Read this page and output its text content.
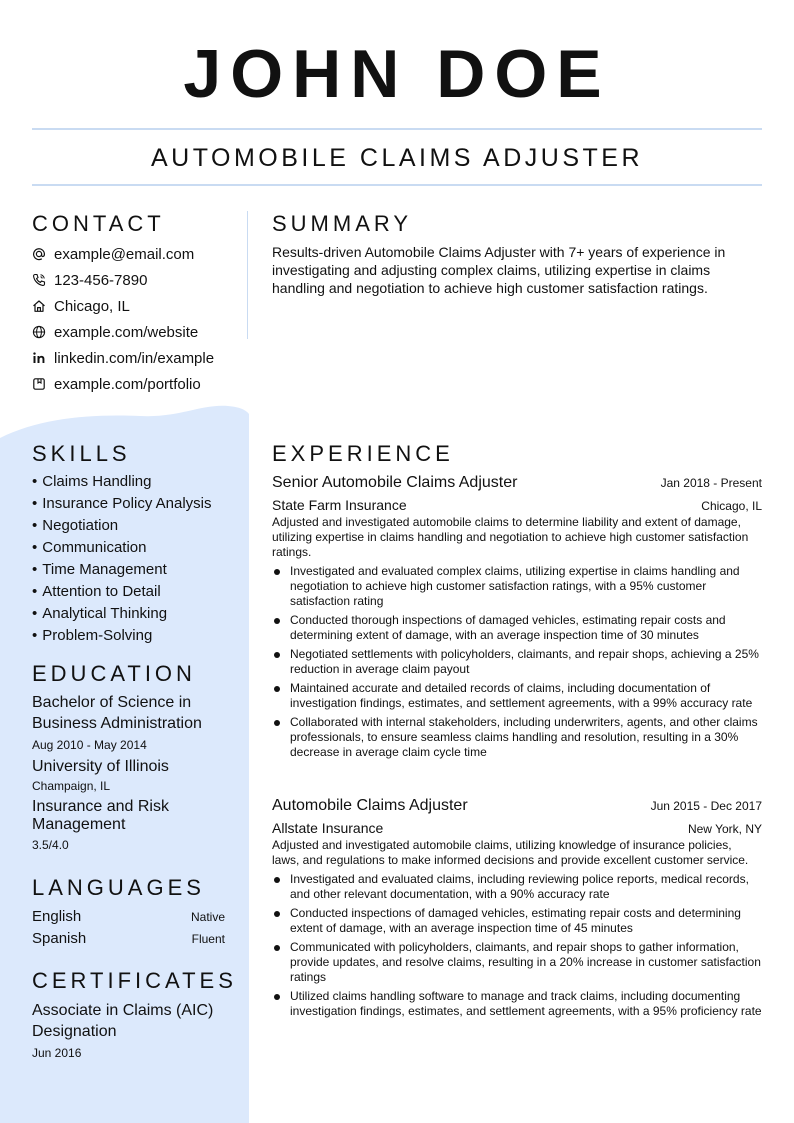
JOHN DOE
AUTOMOBILE CLAIMS ADJUSTER
CONTACT
example@email.com
123-456-7890
Chicago, IL
example.com/website
linkedin.com/in/example
example.com/portfolio
SKILLS
• Claims Handling
• Insurance Policy Analysis
• Negotiation
• Communication
• Time Management
• Attention to Detail
• Analytical Thinking
• Problem-Solving
EDUCATION
Bachelor of Science in Business Administration
Aug 2010 - May 2014
University of Illinois
Champaign, IL
Insurance and Risk Management
3.5/4.0
LANGUAGES
English	Native
Spanish	Fluent
CERTIFICATES
Associate in Claims (AIC) Designation
Jun 2016
SUMMARY

Results-driven Automobile Claims Adjuster with 7+ years of experience in investigating and adjusting complex claims, utilizing expertise in claims handling and negotiation to achieve high customer satisfaction ratings.

EXPERIENCE
Senior Automobile Claims Adjuster	Jan 2018 - Present
State Farm Insurance	Chicago, IL

Adjusted and investigated automobile claims to determine liability and extent of damage, utilizing expertise in claims handling and negotiation to achieve high customer satisfaction ratings.

Investigated and evaluated complex claims, utilizing expertise in claims handling and negotiation to achieve high customer satisfaction ratings, with a 95% customer satisfaction rating
Conducted thorough inspections of damaged vehicles, estimating repair costs and determining extent of damage, with an average inspection time of 30 minutes
Negotiated settlements with policyholders, claimants, and repair shops, achieving a 25% reduction in average claim payout
Maintained accurate and detailed records of claims, including documentation of investigation findings, estimates, and settlement agreements, with a 99% accuracy rate
Collaborated with internal stakeholders, including underwriters, agents, and other claims professionals, to ensure seamless claims handling and resolution, resulting in a 30% decrease in average claim cycle time
Automobile Claims Adjuster	Jun 2015 - Dec 2017
Allstate Insurance	New York, NY

Adjusted and investigated automobile claims, utilizing knowledge of insurance policies, laws, and regulations to make informed decisions and provide excellent customer service.

Investigated and evaluated claims, including reviewing police reports, medical records, and other relevant documentation, with a 90% accuracy rate
Conducted inspections of damaged vehicles, estimating repair costs and determining extent of damage, with an average inspection time of 45 minutes
Communicated with policyholders, claimants, and repair shops to gather information, provide updates, and resolve claims, resulting in a 20% increase in customer satisfaction ratings
Utilized claims handling software to manage and track claims, including documenting investigation findings, estimates, and settlement agreements, with a 95% proficiency rate
